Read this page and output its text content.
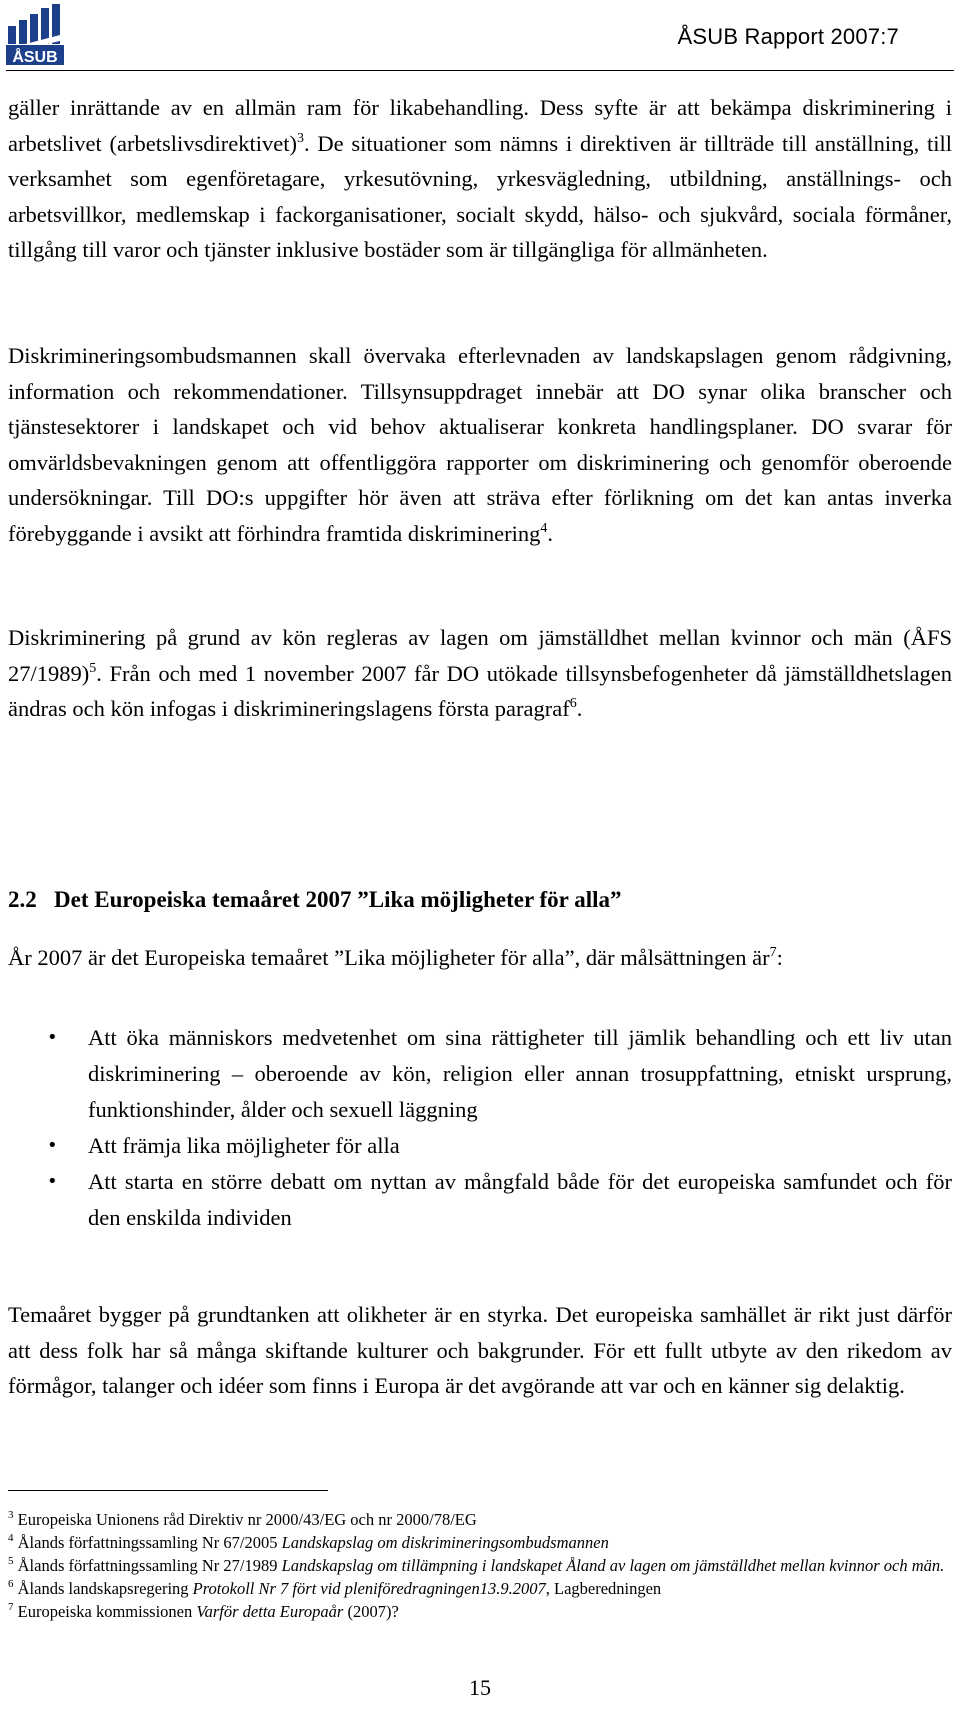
ÅSUB
ÅSUB Rapport 2007:7

gäller inrättande av en allmän ram för likabehandling. Dess syfte är att bekämpa diskriminering i arbetslivet (arbetslivsdirektivet)$^3$. De situationer som nämns i direktiven är tillträde till anställning, till verksamhet som egenföretagare, yrkesutövning, yrkesvägledning, utbildning, anställnings- och arbetsvillkor, medlemskap i fackorganisationer, socialt skydd, hälso- och sjukvård, sociala förmåner, tillgång till varor och tjänster inklusive bostäder som är tillgängliga för allmänheten.

Diskrimineringsombudsmannen skall övervaka efterlevnaden av landskapslagen genom rådgivning, information och rekommendationer. Tillsynsuppdraget innebär att DO synar olika branscher och tjänstesektorer i landskapet och vid behov aktualiserar konkreta handlingsplaner. DO svarar för omvärldsbevakningen genom att offentliggöra rapporter om diskriminering och genomför oberoende undersökningar. Till DO:s uppgifter hör även att sträva efter förlikning om det kan antas inverka förebyggande i avsikt att förhindra framtida diskriminering$^4$.

Diskriminering på grund av kön regleras av lagen om jämställdhet mellan kvinnor och män (ÅFS 27/1989)$^5$. Från och med 1 november 2007 får DO utökade tillsynsbefogenheter då jämställdhetslagen ändras och kön infogas i diskrimineringslagens första paragraf$^6$.

2.2 Det Europeiska temaåret 2007 ”Lika möjligheter för alla”

År 2007 är det Europeiska temaåret ”Lika möjligheter för alla”, där målsättningen $är^7$:

• Att öka människors medvetenhet om sina rättigheter till jämlik behandling och ett liv utan diskriminering – oberoende av kön, religion eller annan trosuppfattning, etniskt ursprung, funktionshinder, ålder och sexuell läggning
• Att främja lika möjligheter för alla
• Att starta en större debatt om nyttan av mångfald både för det europeiska samfundet och för den enskilda individen

Temaåret bygger på grundtanken att olikheter är en styrka. Det europeiska samhället är rikt just därför att dess folk har så många skiftande kulturer och bakgrunder. För ett fullt utbyte av den rikedom av förmågor, talanger och idéer som finns i Europa är det avgörande att var och en känner sig delaktig.

$^3$ Europeiska Unionens råd Direktiv nr 2000/43/EG och nr 2000/78/EG

$^4$ Ålands författningssamling Nr 67/2005 Landskapslag om diskrimineringsombudsmannen

$^5$ Ålands författningssamling Nr 27/1989 Landskapslag om tillämpning i landskapet Åland av lagen om jämställdhet mellan kvinnor och män.

$^6$ Ålands landskapsregering Protokoll Nr 7 fört vid pleniföredragningen13.9.2007, Lagberedningen

$^7$ Europeiska kommissionen Varför detta Europaår (2007)?

15
